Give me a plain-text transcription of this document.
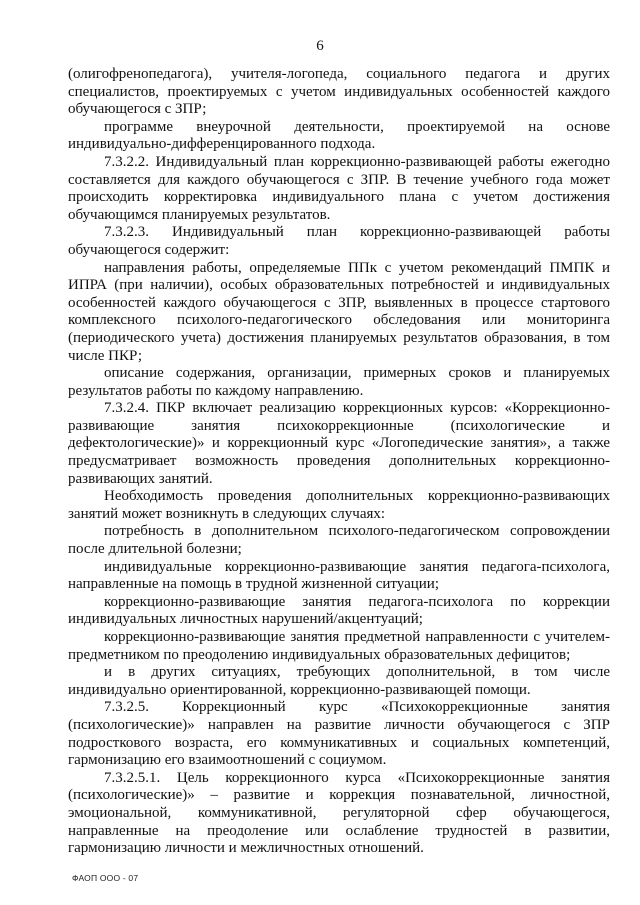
6

(олигофренопедагога), учителя-логопеда, социального педагога и других специалистов, проектируемых с учетом индивидуальных особенностей каждого обучающегося с ЗПР;

программе внеурочной деятельности, проектируемой на основе индивидуально-дифференцированного подхода.

7.3.2.2. Индивидуальный план коррекционно-развивающей работы ежегодно составляется для каждого обучающегося с ЗПР. В течение учебного года может происходить корректировка индивидуального плана с учетом достижения обучающимся планируемых результатов.

7.3.2.3. Индивидуальный план коррекционно-развивающей работы обучающегося содержит:

направления работы, определяемые ППк с учетом рекомендаций ПМПК и ИПРА (при наличии), особых образовательных потребностей и индивидуальных особенностей каждого обучающегося с ЗПР, выявленных в процессе стартового комплексного психолого-педагогического обследования или мониторинга (периодического учета) достижения планируемых результатов образования, в том числе ПКР;

описание содержания, организации, примерных сроков и планируемых результатов работы по каждому направлению.

7.3.2.4. ПКР включает реализацию коррекционных курсов: «Коррекционно-развивающие занятия психокоррекционные (психологические и дефектологические)» и коррекционный курс «Логопедические занятия», а также предусматривает возможность проведения дополнительных коррекционно-развивающих занятий.

Необходимость проведения дополнительных коррекционно-развивающих занятий может возникнуть в следующих случаях:

потребность в дополнительном психолого-педагогическом сопровождении после длительной болезни;

индивидуальные коррекционно-развивающие занятия педагога-психолога, направленные на помощь в трудной жизненной ситуации;

коррекционно-развивающие занятия педагога-психолога по коррекции индивидуальных личностных нарушений/акцентуаций;

коррекционно-развивающие занятия предметной направленности с учителем-предметником по преодолению индивидуальных образовательных дефицитов;

и в других ситуациях, требующих дополнительной, в том числе индивидуально ориентированной, коррекционно-развивающей помощи.

7.3.2.5. Коррекционный курс «Психокоррекционные занятия (психологические)» направлен на развитие личности обучающегося с ЗПР подросткового возраста, его коммуникативных и социальных компетенций, гармонизацию его взаимоотношений с социумом.

7.3.2.5.1. Цель коррекционного курса «Психокоррекционные занятия (психологические)» – развитие и коррекция познавательной, личностной, эмоциональной, коммуникативной, регуляторной сфер обучающегося, направленные на преодоление или ослабление трудностей в развитии, гармонизацию личности и межличностных отношений.

ФАОП ООО - 07
